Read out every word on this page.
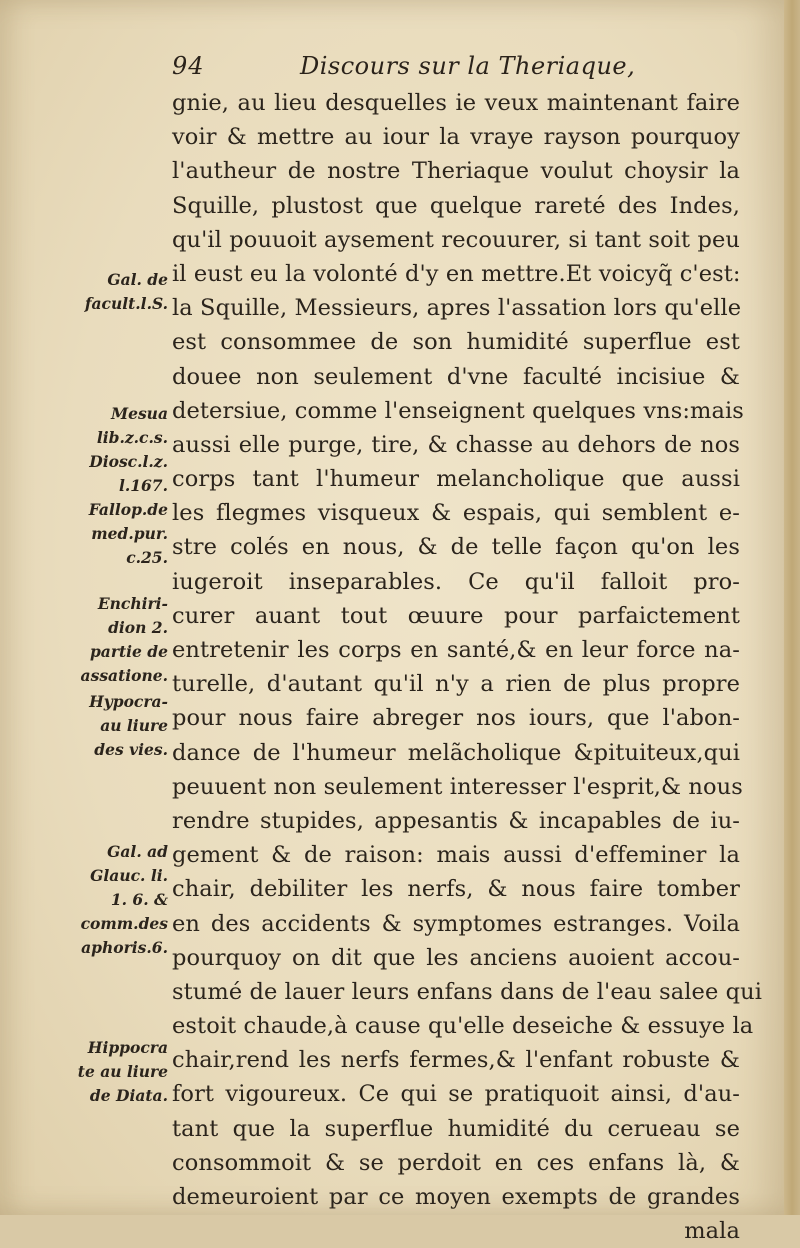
94	Discours sur la Theriaque,
gnie, au lieu desquelles ie veux maintenant faire
voir & mettre au iour la vraye rayson pourquoy
l'autheur de nostre Theriaque voulut choysir la
Squille, plustost que quelque rareté des Indes,
qu'il pouuoit aysement recouurer, si tant soit peu
il eust eu la volonté d'y en mettre.Et voicyq̃ c'est:
la Squille, Messieurs, apres l'assation lors qu'elle
est consommee de son humidité superflue est
douee non seulement d'vne faculté incisiue &
detersiue, comme l'enseignent quelques vns:mais
aussi elle purge, tire, & chasse au dehors de nos
corps tant l'humeur melancholique que aussi
les flegmes visqueux & espais, qui semblent e-
stre colés en nous, & de telle façon qu'on les
iugeroit inseparables. Ce qu'il falloit pro-
curer auant tout œuure pour parfaictement
entretenir les corps en santé,& en leur force na-
turelle, d'autant qu'il n'y a rien de plus propre
pour nous faire abreger nos iours, que l'abon-
dance de l'humeur melãcholique &pituiteux,qui
peuuent non seulement interesser l'esprit,& nous
rendre stupides, appesantis & incapables de iu-
gement & de raison: mais aussi d'effeminer la
chair, debiliter les nerfs, & nous faire tomber
en des accidents & symptomes estranges. Voila
pourquoy on dit que les anciens auoient accou-
stumé de lauer leurs enfans dans de l'eau salee qui
estoit chaude,à cause qu'elle deseiche & essuye la
chair,rend les nerfs fermes,& l'enfant robuste &
fort vigoureux. Ce qui se pratiquoit ainsi, d'au-
tant que la superflue humidité du cerueau se
consommoit & se perdoit en ces enfans là, &
demeuroient par ce moyen exempts de grandes
mala
Gal. de
facult.l.S.
Mesua
lib.z.c.s.
Diosc.l.z.
l.167.
Fallop.de
med.pur.
c.25.
Enchiri-
dion 2.
partie de
assatione.
Hypocra-
au liure
des vies.
Gal. ad
Glauc. li.
1. 6. &
comm.des
aphoris.6.
Hippocra
te au liure
de Diata.
